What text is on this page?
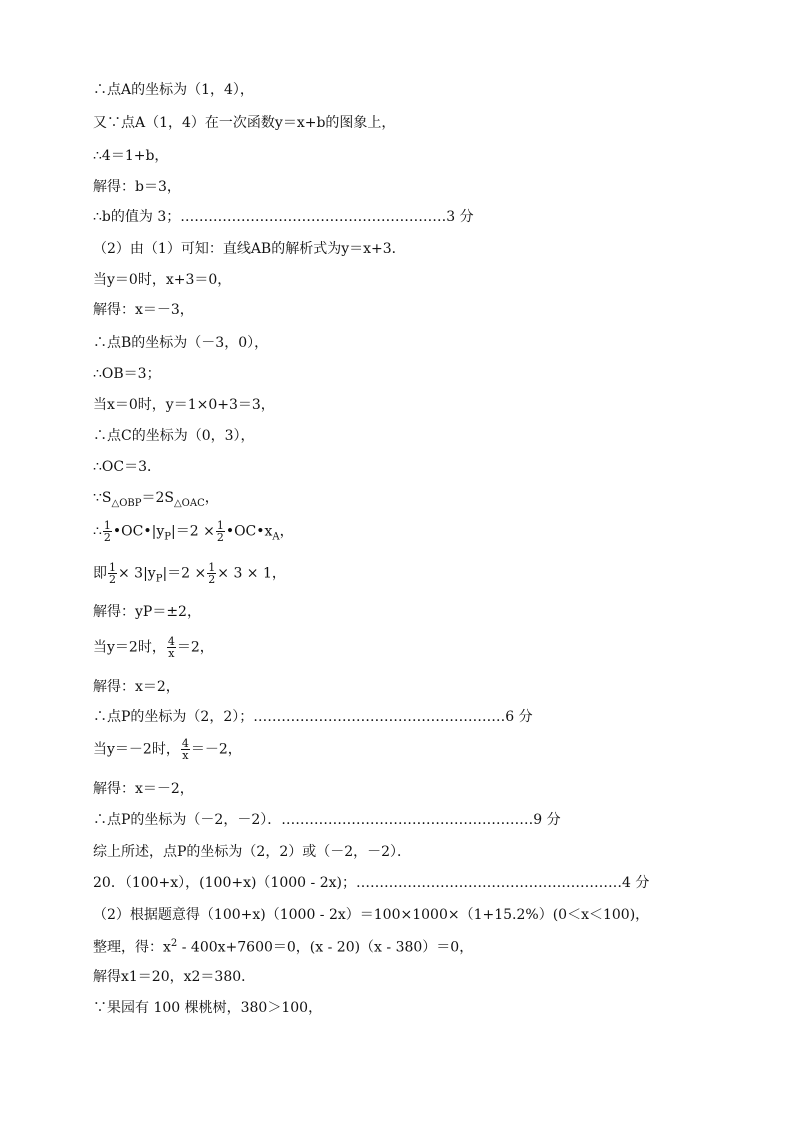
∴点A的坐标为（1，4），
又∵点A（1，4）在一次函数y＝x+b的图象上，
∴4＝1+b，
解得：b＝3，
∴b的值为 3；…………………………………………………3 分
（2）由（1）可知：直线AB的解析式为y＝x+3．
当y＝0时，x+3＝0，
解得：x＝－3，
∴点B的坐标为（－3，0），
∴OB＝3；
当x＝0时，y＝1×0+3＝3，
∴点C的坐标为（0，3），
∴OC＝3．
解得：yP＝±2，
解得：x＝2，
∴点P的坐标为（2，2）；………………………………………………6 分
解得：x＝－2，
∴点P的坐标为（－2，－2）．………………………………………………9 分
综上所述，点P的坐标为（2，2）或（－2，－2）．
20．（100+x），(100+x)（1000 - 2x)；…………………………………………………4 分
（2）根据题意得（100+x)（1000 - 2x）＝100×1000×（1+15.2%）(0＜x＜100)，
解得x1＝20，x2＝380．
∵果园有 100 棵桃树，380＞100，
$\because S_{\triangle OBP}=2S_{\triangle OAC}$，
∴ $\frac{1}{2}$ $•OC•|y_P|=2 \times \frac{1}{2}$ $•OC•x_A$，
即 $\frac{1}{2} \times 3|y_P|=2 \times \frac{1}{2} \times 3 \times 1$，
当y＝2时， $\frac{4}{x} =2$，
当y＝－2时， $\frac{4}{x} =-2$，
整理，得：$x^2 - 400x+7600=0$，(x - 20)（x - 380）＝0，
